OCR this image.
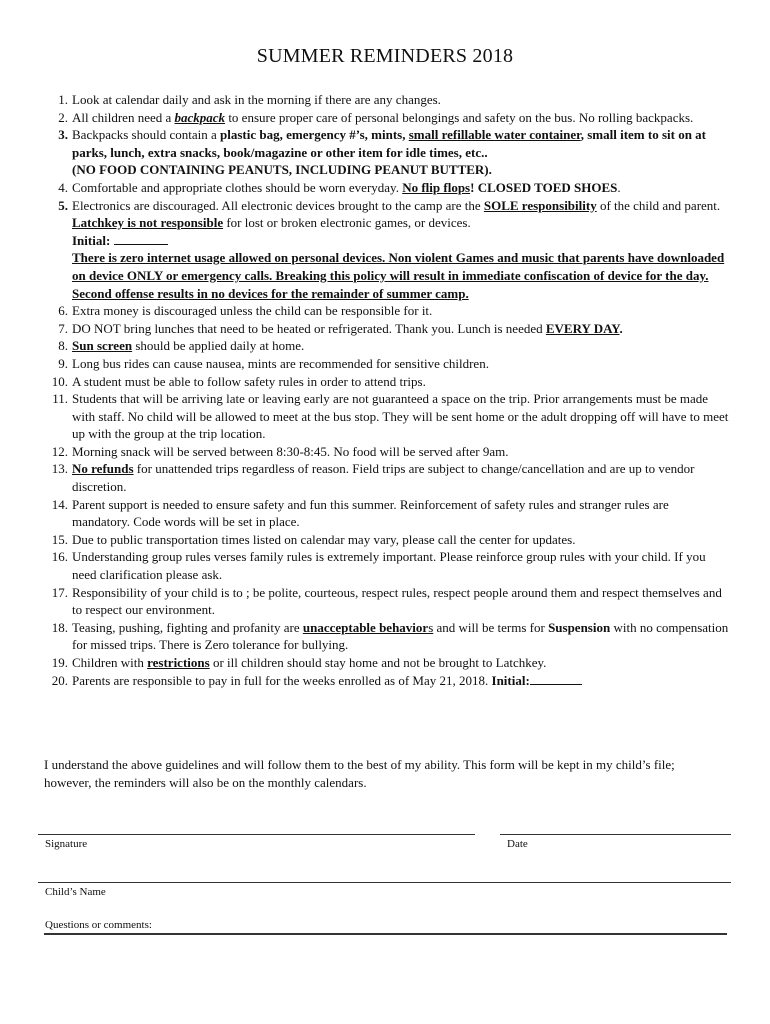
SUMMER REMINDERS 2018
1. Look at calendar daily and ask in the morning if there are any changes.
2. All children need a backpack to ensure proper care of personal belongings and safety on the bus. No rolling backpacks.
3. Backpacks should contain a plastic bag, emergency #’s, mints, small refillable water container, small item to sit on at parks, lunch, extra snacks, book/magazine or other item for idle times, etc..
(NO FOOD CONTAINING PEANUTS, INCLUDING PEANUT BUTTER).
4. Comfortable and appropriate clothes should be worn everyday. No flip flops! CLOSED TOED SHOES.
5. Electronics are discouraged. All electronic devices brought to the camp are the SOLE responsibility of the child and parent. Latchkey is not responsible for lost or broken electronic games, or devices.
Initial:
There is zero internet usage allowed on personal devices. Non violent Games and music that parents have downloaded on device ONLY or emergency calls. Breaking this policy will result in immediate confiscation of device for the day. Second offense results in no devices for the remainder of summer camp.
6. Extra money is discouraged unless the child can be responsible for it.
7. DO NOT bring lunches that need to be heated or refrigerated. Thank you. Lunch is needed EVERY DAY.
8. Sun screen should be applied daily at home.
9. Long bus rides can cause nausea, mints are recommended for sensitive children.
10. A student must be able to follow safety rules in order to attend trips.
11. Students that will be arriving late or leaving early are not guaranteed a space on the trip. Prior arrangements must be made with staff. No child will be allowed to meet at the bus stop. They will be sent home or the adult dropping off will have to meet up with the group at the trip location.
12. Morning snack will be served between 8:30-8:45. No food will be served after 9am.
13. No refunds for unattended trips regardless of reason. Field trips are subject to change/cancellation and are up to vendor discretion.
14. Parent support is needed to ensure safety and fun this summer. Reinforcement of safety rules and stranger rules are mandatory. Code words will be set in place.
15. Due to public transportation times listed on calendar may vary, please call the center for updates.
16. Understanding group rules verses family rules is extremely important. Please reinforce group rules with your child. If you need clarification please ask.
17. Responsibility of your child is to ; be polite, courteous, respect rules, respect people around them and respect themselves and to respect our environment.
18. Teasing, pushing, fighting and profanity are unacceptable behaviors and will be terms for Suspension with no compensation for missed trips. There is Zero tolerance for bullying.
19. Children with restrictions or ill children should stay home and not be brought to Latchkey.
20. Parents are responsible to pay in full for the weeks enrolled as of May 21, 2018. Initial:

I understand the above guidelines and will follow them to the best of my ability. This form will be kept in my child’s file; however, the reminders will also be on the monthly calendars.

Signature	Date
Child’s Name
Questions or comments:
